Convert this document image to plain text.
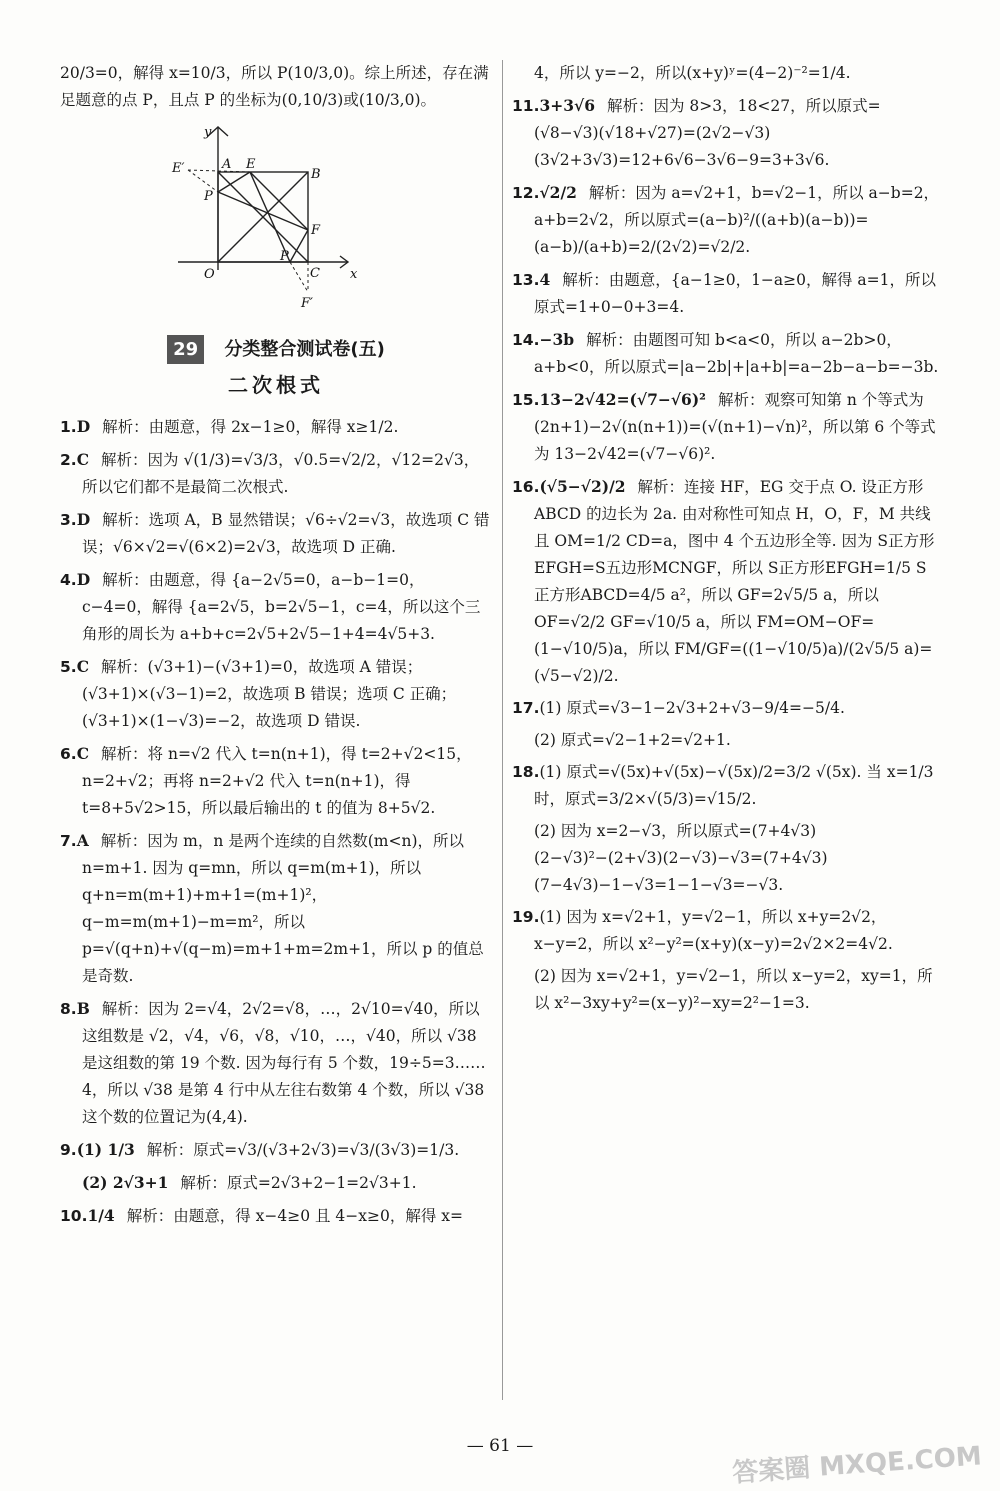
20/3=0，解得 x=10/3，所以 P(10/3,0)。综上所述，存在满足题意的点 P，且点 P 的坐标为(0,10/3)或(10/3,0)。

y
x
O
A
B
C
E
E′
P
P
F
F′
29 分类整合测试卷(五)
二次根式
1.D 解析：由题意，得 2x−1≥0，解得 x≥1/2.
2.C 解析：因为 √(1/3)=√3/3，√0.5=√2/2，√12=2√3，所以它们都不是最简二次根式.
3.D 解析：选项 A，B 显然错误；√6÷√2=√3，故选项 C 错误；√6×√2=√(6×2)=2√3，故选项 D 正确.
4.D 解析：由题意，得 {a−2√5=0，a−b−1=0，c−4=0，解得 {a=2√5，b=2√5−1，c=4，所以这个三角形的周长为 a+b+c=2√5+2√5−1+4=4√5+3.
5.C 解析：(√3+1)−(√3+1)=0，故选项 A 错误；(√3+1)×(√3−1)=2，故选项 B 错误；选项 C 正确；(√3+1)×(1−√3)=−2，故选项 D 错误.
6.C 解析：将 n=√2 代入 t=n(n+1)，得 t=2+√2<15，n=2+√2；再将 n=2+√2 代入 t=n(n+1)，得 t=8+5√2>15，所以最后输出的 t 的值为 8+5√2.
7.A 解析：因为 m，n 是两个连续的自然数(m<n)，所以 n=m+1. 因为 q=mn，所以 q=m(m+1)，所以 q+n=m(m+1)+m+1=(m+1)²，q−m=m(m+1)−m=m²，所以 p=√(q+n)+√(q−m)=m+1+m=2m+1，所以 p 的值总是奇数.
8.B 解析：因为 2=√4，2√2=√8，…，2√10=√40，所以这组数是 √2，√4，√6，√8，√10，…，√40，所以 √38 是这组数的第 19 个数. 因为每行有 5 个数，19÷5=3……4，所以 √38 是第 4 行中从左往右数第 4 个数，所以 √38 这个数的位置记为(4,4).
9.(1) 1/3 解析：原式=√3/(√3+2√3)=√3/(3√3)=1/3.
(2) 2√3+1 解析：原式=2√3+2−1=2√3+1.
10.1/4 解析：由题意，得 x−4≥0 且 4−x≥0，解得 x=
4，所以 y=−2，所以(x+y)ʸ=(4−2)⁻²=1/4.
11.3+3√6 解析：因为 8>3，18<27，所以原式=(√8−√3)(√18+√27)=(2√2−√3)(3√2+3√3)=12+6√6−3√6−9=3+3√6.
12.√2/2 解析：因为 a=√2+1，b=√2−1，所以 a−b=2，a+b=2√2，所以原式=(a−b)²/((a+b)(a−b))=(a−b)/(a+b)=2/(2√2)=√2/2.
13.4 解析：由题意，{a−1≥0，1−a≥0，解得 a=1，所以原式=1+0−0+3=4.
14.−3b 解析：由题图可知 b<a<0，所以 a−2b>0，a+b<0，所以原式=|a−2b|+|a+b|=a−2b−a−b=−3b.
15.13−2√42=(√7−√6)² 解析：观察可知第 n 个等式为(2n+1)−2√(n(n+1))=(√(n+1)−√n)²，所以第 6 个等式为 13−2√42=(√7−√6)².
16.(√5−√2)/2 解析：连接 HF，EG 交于点 O. 设正方形 ABCD 的边长为 2a. 由对称性可知点 H，O，F，M 共线且 OM=1/2 CD=a，图中 4 个五边形全等. 因为 S正方形EFGH=S五边形MCNGF，所以 S正方形EFGH=1/5 S正方形ABCD=4/5 a²，所以 GF=2√5/5 a，所以 OF=√2/2 GF=√10/5 a，所以 FM=OM−OF=(1−√10/5)a，所以 FM/GF=((1−√10/5)a)/(2√5/5 a)=(√5−√2)/2.
17.(1) 原式=√3−1−2√3+2+√3−9/4=−5/4.
(2) 原式=√2−1+2=√2+1.
18.(1) 原式=√(5x)+√(5x)−√(5x)/2=3/2 √(5x). 当 x=1/3 时，原式=3/2×√(5/3)=√15/2.
(2) 因为 x=2−√3，所以原式=(7+4√3)(2−√3)²−(2+√3)(2−√3)−√3=(7+4√3)(7−4√3)−1−√3=1−1−√3=−√3.
19.(1) 因为 x=√2+1，y=√2−1，所以 x+y=2√2，x−y=2，所以 x²−y²=(x+y)(x−y)=2√2×2=4√2.
(2) 因为 x=√2+1，y=√2−1，所以 x−y=2，xy=1，所以 x²−3xy+y²=(x−y)²−xy=2²−1=3.
— 61 —	答案圈 MXQE.COM
